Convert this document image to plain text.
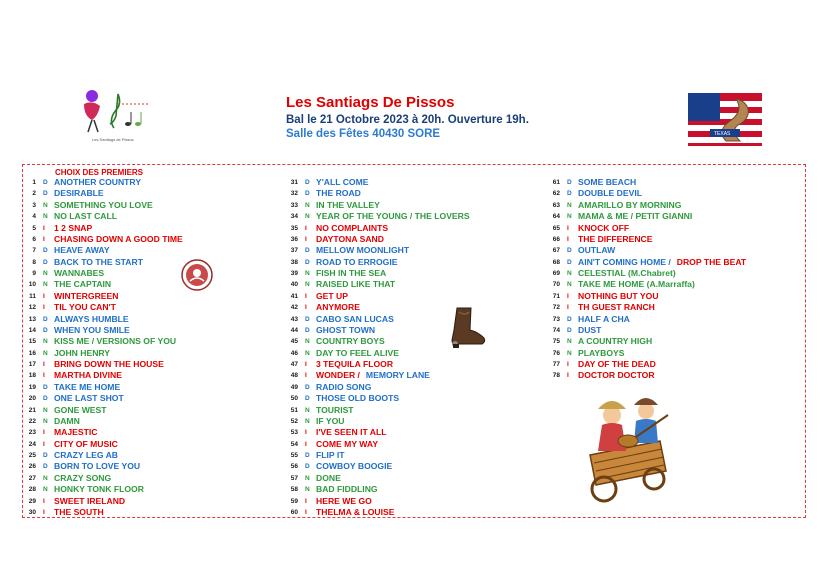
Les Santiags De Pissos
Bal le 21 Octobre 2023 à 20h. Ouverture 19h.
Salle des Fêtes 40430 SORE
Les Santiags de Pissos
TEXAS
CHOIX DES PREMIERS
1 D ANOTHER COUNTRY
2 D DESIRABLE
3 N SOMETHING YOU LOVE
4 N NO LAST CALL
5 I	1 2 SNAP
6 I	CHASING DOWN A GOOD TIME
7 D HEAVE AWAY
8 D BACK TO THE START
9 N WANNABES
10 N THE CAPTAIN
11 I	WINTERGREEN
12 I	TIL YOU CAN'T
13 D ALWAYS HUMBLE
14 D WHEN YOU SMILE
15 N KISS ME / VERSIONS OF YOU
16 N JOHN HENRY
17 I	BRING DOWN THE HOUSE
18 I	MARTHA DIVINE
19 D TAKE ME HOME
20 D ONE LAST SHOT
21 N GONE WEST
22 N DAMN
23 I	MAJESTIC
24 I	CITY OF MUSIC
25 D CRAZY LEG AB
26 D BORN TO LOVE YOU
27 N CRAZY SONG
28 N HONKY TONK FLOOR
29 I	SWEET IRELAND
30 I	THE SOUTH
31 D Y'ALL COME
32 D THE ROAD
33 N IN THE VALLEY
34 N YEAR OF THE YOUNG / THE LOVERS
35 I	NO COMPLAINTS
36 I	DAYTONA SAND
37 D MELLOW MOONLIGHT
38 D ROAD TO ERROGIE
39 N FISH IN THE SEA
40 N RAISED LIKE THAT
41 I	GET UP
42 I	ANYMORE
43 D CABO SAN LUCAS
44 D GHOST TOWN
45 N COUNTRY BOYS
46 N DAY TO FEEL ALIVE
47 I	3 TEQUILA FLOOR
48 I	WONDER / MEMORY LANE
49 D RADIO SONG
50 D THOSE OLD BOOTS
51 N TOURIST
52 N IF YOU
53 I	I'VE SEEN IT ALL
54 I	COME MY WAY
55 D FLIP IT
56 D COWBOY BOOGIE
57 N DONE
58 N BAD FIDDLING
59 I	HERE WE GO
60 I	THELMA & LOUISE
61 D SOME BEACH
62 D DOUBLE DEVIL
63 N AMARILLO BY MORNING
64 N MAMA & ME / PETIT GIANNI
65 I	KNOCK OFF
66 I	THE DIFFERENCE
67 D OUTLAW
68 D AIN'T COMING HOME / DROP THE BEAT
69 N CELESTIAL (M.Chabret)
70 N TAKE ME HOME (A.Marraffa)
71 I	NOTHING BUT YOU
72 I	TH GUEST RANCH
73 D HALF A CHA
74 D DUST
75 N A COUNTRY HIGH
76 N PLAYBOYS
77 I	DAY OF THE DEAD
78 I	DOCTOR DOCTOR
